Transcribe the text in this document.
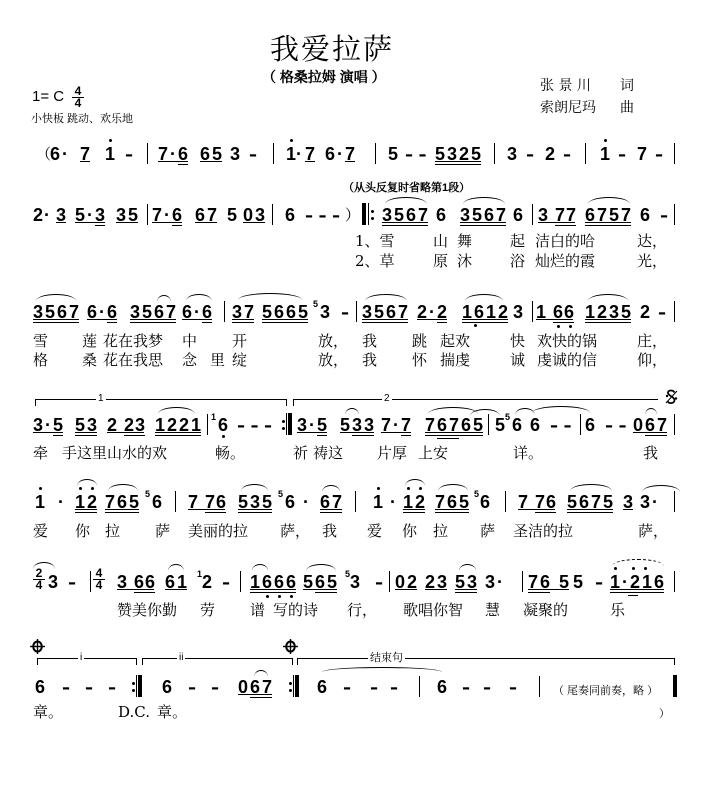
我爱拉萨
（ 格桑拉姆 演唱 ）
1= C $\frac{4}{4}$
小快板 跳动、欢乐地
张 景 川 词
索朗尼玛 曲
（
6 · 7 1 - 7·6 65 3 - 1
· 7 6· 7 5 -- 5325 3 - 2 - 1 - 7 -
（从头反复时省略第1段）
2
· 3 5·3 35 7·6 67 5 03 6 --- ） 3567 6 3567 6 3 77 6757 6 -
1、雪	山 舞	起 洁白的哈	达，
2、草	原 沐	浴 灿烂的霞	光，
3567 6·6 3567 6·6 37 5665 5 3 - 3567 2·2 1612 3 1 66 1235 2 -
雪 莲 花在我梦 中 开	放， 我 跳 起欢	快 欢快的锅	庄，
格 桑 花在我思 念 里 绽	放， 我 怀 揣虔	诚 虔诚的信	仰，
1	2
3·5 53 2 23 1221 1 6 --- 3·5 533 7·7 76765 5
5 6 6 -- 6 -- 067
牵 手这里山水的欢	畅。	祈 祷这 片厚 上安	详。	我
1 · 12 765 5 6 7 76 535 5 6 · 67 1 · 12 765 5 6 7 76 5675 3 3·
爱 你 拉 萨 美丽的拉 萨， 我 爱 你 拉 萨 圣洁的拉	萨，
$\frac{2}{4} 3 - \frac{4}{4} 3$ 66 61 1 2 - 1666 565 5 3 - 02 23 53 3· 76 5 5 - 1·216
赞美你勤 劳 谱 写的诗 行， 歌唱你智 慧 凝聚的	乐
i	ii	结束句
6 - - - 6 - - 067 6 - - - 6 - - -	（ 尾奏同前奏，略 ）
章。	D.C. 章。	）
